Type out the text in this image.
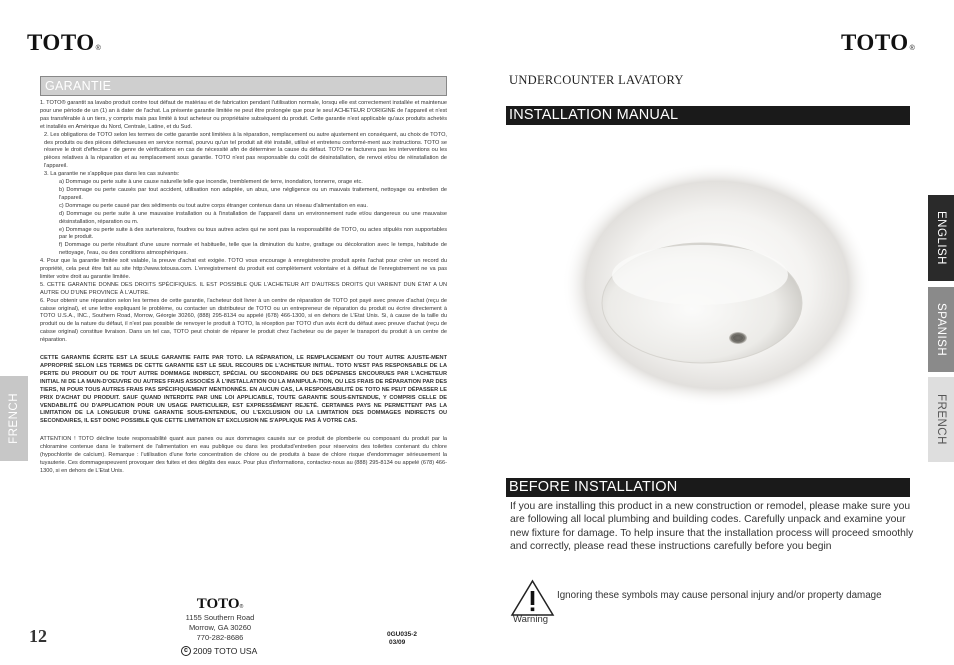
TOTO®	TOTO®
GARANTIE

1. TOTO® garantit sa lavabo produit contre tout défaut de matériau et de fabrication pendant l'utilisation normale, lorsqu elle est correctement installée et maintenue pour une période de un (1) an à dater de l'achat. La présente garantie limitée ne peut être prolongée que pour le seul ACHETEUR D'ORIGINE de l'appareil et n'est pas transférable à un tiers, y compris mais pas limité à tout acheteur ou propriétaire subséquent du produit. Cette garantie n'est applicable qu'aux produits achetés et installés en Amérique du Nord, Centrale, Latine, et du Sud.

2. Les obligations de TOTO selon les termes de cette garantie sont limitées à la réparation, remplacement ou autre ajustement en conséquent, au choix de TOTO, des produits ou des pièces défectueuses en service normal, pourvu qu'un tel produit ait été installé, utilisé et entretenu conformé-ment aux instructions. TOTO se réserve le droit d'effectue r de genre de vérifications en cas de nécessité afin de déterminer la cause du défaut. TOTO ne facturera pas les interventions ou les pièces relatives à la réparation et au remplacement sous garantie. TOTO n'est pas responsable du coût de désinstallation, de renvoi et/ou de réinstallation de l'appareil.

3. La garantie ne s'applique pas dans les cas suivants:

a) Dommage ou perte suite à une cause naturelle telle que incendie, tremblement de terre, inondation, tonnerre, orage etc.

b) Dommage ou perte causés par tout accident, utilisation non adaptée, un abus, une négligence ou un mauvais traitement, nettoyage ou entretien de l'appareil.

c) Dommage ou perte causé par des sédiments ou tout autre corps étranger contenus dans un réseau d'alimentation en eau.

d) Dommage ou perte suite à une mauvaise installation ou à l'installation de l'appareil dans un environnement rude et/ou dangereux ou une mauvaise désinstallation, réparation ou m.

e) Dommage ou perte suite à des surtensions, foudres ou tous autres actes qui ne sont pas la responsabilité de TOTO, ou actes stipulés non supportables par le produit.

f) Dommage ou perte résultant d'une usure normale et habituelle, telle que la diminution du lustre, grattage ou décoloration avec le temps, habitude de nettoyage, l'eau, ou des conditions atmosphériques.

4. Pour que la garantie limitée soit valable, la preuve d'achat est exigée. TOTO vous encourage à enregistrerotre produit après l'achat pour créer un record du propriété, cela peut être fait au site http://www.totousa.com. L'enregistrement du produit est complètement volontaire et à défaut de l'enregistrement ne va pas limiter votre droit au garantie limitée.

5. CETTE GARANTIE DONNE DES DROITS SPÉCIFIQUES. IL EST POSSIBLE QUE L'ACHETEUR AIT D'AUTRES DROITS QUI VARIENT DUN ÉTAT A UN AUTRE OU D'UNE PROVINCE À L'AUTRE.

6. Pour obtenir une réparation selon les termes de cette garantie, l'acheteur doit livrer à un centre de réparation de TOTO pot payé avec preuve d'achat (reçu de caisse original), et une lettre expliquant le problème, ou contacter un distributeur de TOTO ou un entrepreneur de réparation du produit ou écrire directement à TOTO U.S.A., INC., Southern Road, Morrow, Géorgie 30260, (888) 295-8134 ou appelé (678) 466-1300, si en dehors de L'Etat Unis. Si, à cause de la taille du produit ou de la nature du défaut, il n'est pas possible de renvoyer le produit à TOTO, la réception par TOTO d'un avis écrit du défaut avec preuve d'achat (reçu de caisse original) constitue livraison. Dans un tel cas, TOTO peut choisir de réparer le produit chez l'acheteur ou de payer le transport du produit à un centre de réparation.

CETTE GARANTIE ÉCRITE EST LA SEULE GARANTIE FAITE PAR TOTO. LA RÉPARATION, LE REMPLACEMENT OU TOUT AUTRE AJUSTE-MENT APPROPRIÉ SELON LES TERMES DE CETTE GARANTIE EST LE SEUL RECOURS DE L'ACHETEUR INITIAL. TOTO N'EST PAS RESPONSABLE DE LA PERTE DU PRODUIT OU DE TOUT AUTRE DOMMAGE INDIRECT, SPÉCIAL OU SECONDAIRE OU DES DÉPENSES ENCOURUES PAR L'ACHETEUR INITIAL NI DE LA MAIN-D'OEUVRE OU AUTRES FRAIS ASSOCIÉS À L'INSTALLATION OU LA MANIPULA-TION, OU LES FRAIS DE RÉPARATION PAR DES TIERS, NI POUR TOUS AUTRES FRAIS PAS SPÉCIFIQUEMENT MENTIONNÉS. EN AUCUN CAS, LA RESPONSABILITÉ DE TOTO NE PEUT DÉPASSER LE PRIX D'ACHAT DU PRODUIT. SAUF QUAND INTERDITE PAR UNE LOI APPLICABLE, TOUTE GARANTIE SOUS-ENTENDUE, Y COMPRIS CELLE DE VENDABILITÉ OU D'APPLICATION POUR UN USAGE PARTICULIER, EST EXPRESSÉMENT REJETÉ. CERTAINES PAYS NE PERMETTENT PAS LA LIMITATION DE LA LONGUEUR D'UNE GARANTIE SOUS-ENTENDUE, OU L'EXCLUSION OU LA LIMITATION DES DOMMAGES INDIRECTS OU SECONDAIRES, IL EST DONC POSSIBLE QUE CETTE LIMITATION ET EXCLUSION NE S'APPLIQUE PAS À VOTRE CAS.

ATTENTION ! TOTO décline toute responsabilité quant aux panes ou aux dommages causés sur ce produit de plomberie ou composant du produit par la chloramine contenue dans le traitement de l'alimentation en eau publique ou dans les produitsd'entretien pour réservoirs des toilettes contenant du chlore (hypochlorite de calcium). Remarque : l'utilisation d'une forte concentration de chlore ou de produits à base de chlore risque d'endommager sérieusement la tuyauterie. Ces dommagespeuvent provoquer des fuites et des dégâts des eaux. Pour plus d'informations, contactez-nous au (888) 295-8134 ou appelé (678) 466-1300, si en dehors de L'Etat Unis.

FRENCH
12
TOTO®
1155 Southern Road
Morrow, GA 30260
770-282-8686
c 2009 TOTO USA
0GU035-2
03/09
UNDERCOUNTER LAVATORY
INSTALLATION MANUAL
ENGLISH
SPANISH
FRENCH
BEFORE INSTALLATION
If you are installing this product in a new construction or remodel, please make sure you are following all local plumbing and building codes. Carefully unpack and examine your new fixture for damage. To help insure that the installation process will proceed smoothly and correctly, please read these instructions carefully before you begin
Warning
Ignoring these symbols may cause personal injury and/or property damage
